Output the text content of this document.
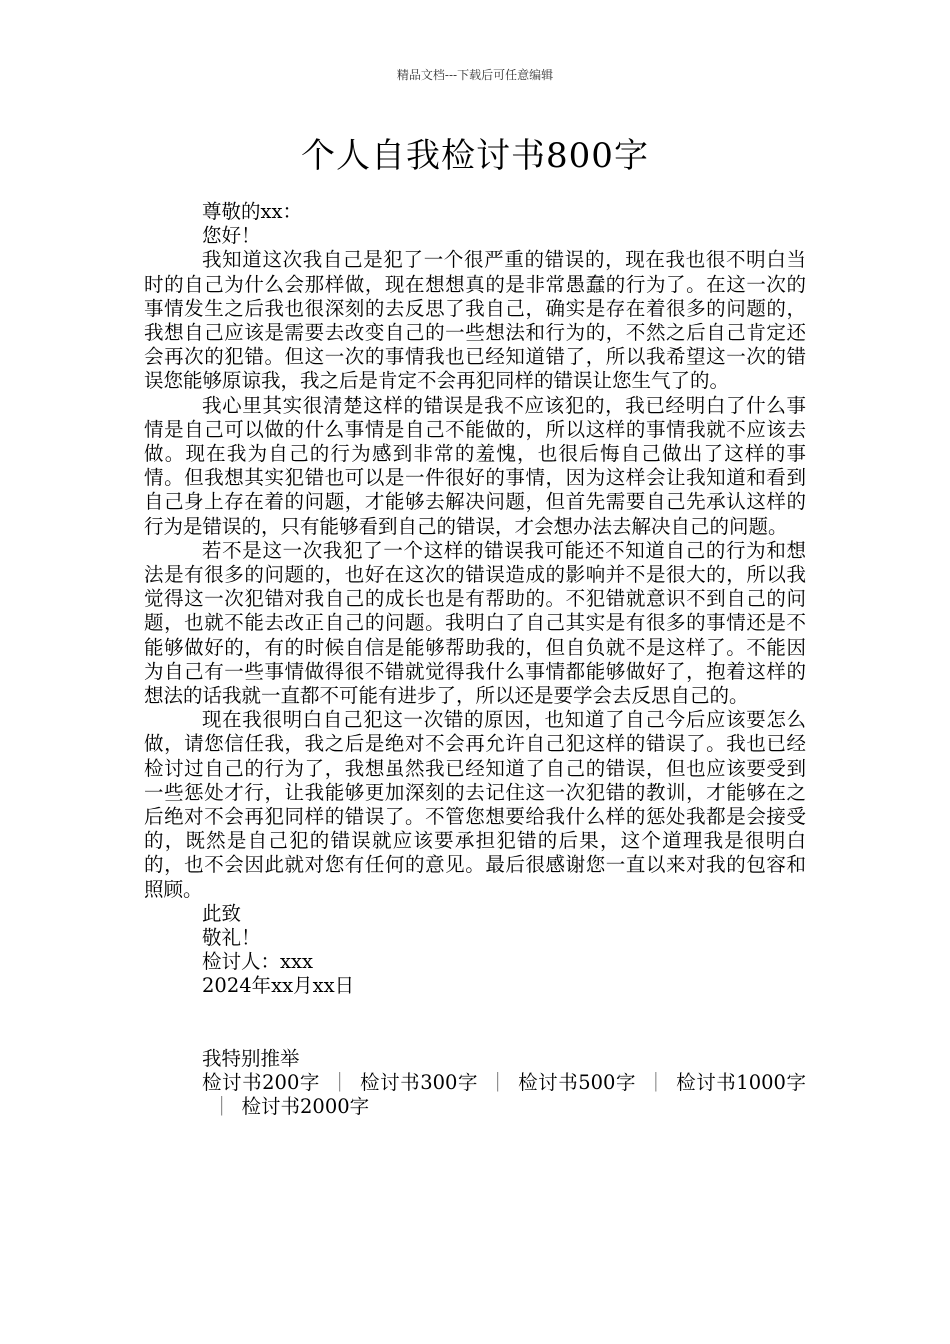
精品文档---下载后可任意编辑
个人自我检讨书800字
尊敬的xx：
您好！

我知道这次我自己是犯了一个很严重的错误的，现在我也很不明白当时的自己为什么会那样做，现在想想真的是非常愚蠢的行为了。在这一次的事情发生之后我也很深刻的去反思了我自己，确实是存在着很多的问题的，我想自己应该是需要去改变自己的一些想法和行为的，不然之后自己肯定还会再次的犯错。但这一次的事情我也已经知道错了，所以我希望这一次的错误您能够原谅我，我之后是肯定不会再犯同样的错误让您生气了的。

我心里其实很清楚这样的错误是我不应该犯的，我已经明白了什么事情是自己可以做的什么事情是自己不能做的，所以这样的事情我就不应该去做。现在我为自己的行为感到非常的羞愧，也很后悔自己做出了这样的事情。但我想其实犯错也可以是一件很好的事情，因为这样会让我知道和看到自己身上存在着的问题，才能够去解决问题，但首先需要自己先承认这样的行为是错误的，只有能够看到自己的错误，才会想办法去解决自己的问题。

若不是这一次我犯了一个这样的错误我可能还不知道自己的行为和想法是有很多的问题的，也好在这次的错误造成的影响并不是很大的，所以我觉得这一次犯错对我自己的成长也是有帮助的。不犯错就意识不到自己的问题，也就不能去改正自己的问题。我明白了自己其实是有很多的事情还是不能够做好的，有的时候自信是能够帮助我的，但自负就不是这样了。不能因为自己有一些事情做得很不错就觉得我什么事情都能够做好了，抱着这样的想法的话我就一直都不可能有进步了，所以还是要学会去反思自己的。

现在我很明白自己犯这一次错的原因，也知道了自己今后应该要怎么做，请您信任我，我之后是绝对不会再允许自己犯这样的错误了。我也已经检讨过自己的行为了，我想虽然我已经知道了自己的错误，但也应该要受到一些惩处才行，让我能够更加深刻的去记住这一次犯错的教训，才能够在之后绝对不会再犯同样的错误了。不管您想要给我什么样的惩处我都是会接受的，既然是自己犯的错误就应该要承担犯错的后果，这个道理我是很明白的，也不会因此就对您有任何的意见。最后很感谢您一直以来对我的包容和照顾。

此致
敬礼！
检讨人：xxx
2024年xx月xx日
我特别推举

检讨书200字 ｜ 检讨书300字 ｜ 检讨书500字 ｜ 检讨书1000字｜ 检讨书2000字
